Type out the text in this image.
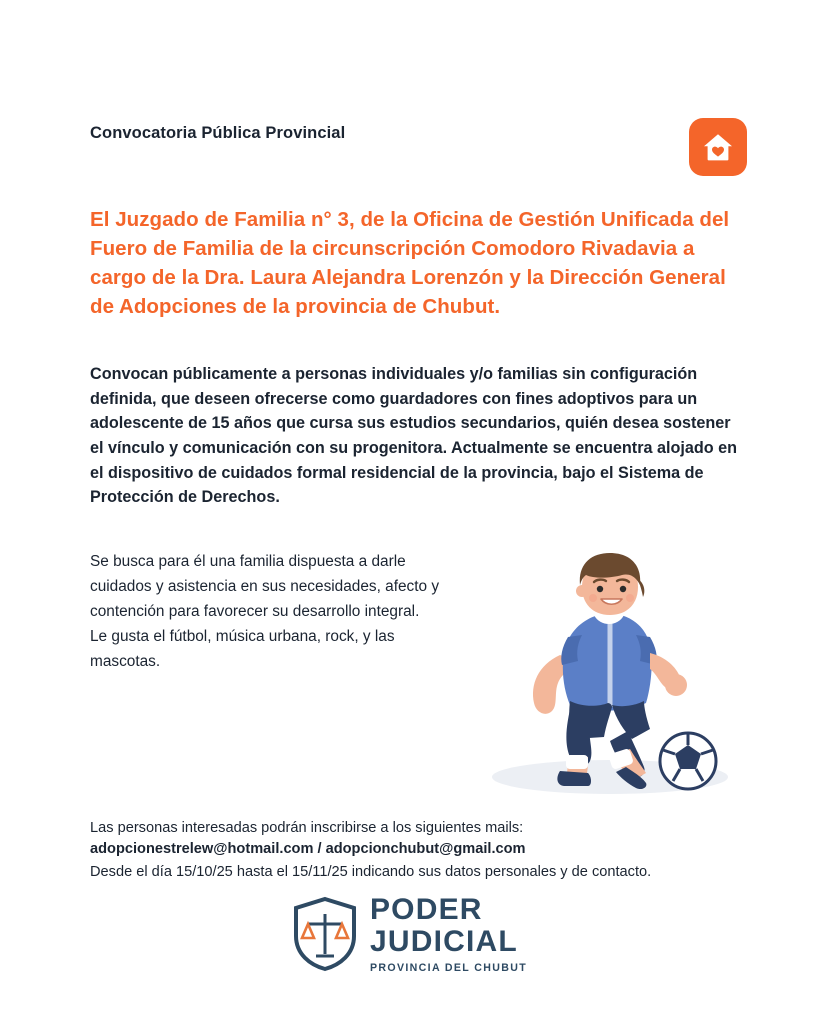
Convocatoria Pública Provincial
El Juzgado de Familia n° 3, de la Oficina de Gestión Unificada del Fuero de Familia de la circunscripción Comodoro Rivadavia a cargo de la Dra. Laura Alejandra Lorenzón y la Dirección General de Adopciones de la provincia de Chubut.
Convocan públicamente a personas individuales y/o familias sin configuración definida, que deseen ofrecerse como guardadores con fines adoptivos para un adolescente de 15 años que cursa sus estudios secundarios, quién desea sostener el vínculo y comunicación con su progenitora. Actualmente se encuentra alojado en el dispositivo de cuidados formal residencial de la provincia, bajo el Sistema de Protección de Derechos.

Se busca para él una familia dispuesta a darle cuidados y asistencia en sus necesidades, afecto y contención para favorecer su desarrollo integral.

Le gusta el fútbol, música urbana, rock, y las mascotas.

Las personas interesadas podrán inscribirse a los siguientes mails:
adopcionestrelew@hotmail.com / adopcionchubut@gmail.com
Desde el día 15/10/25 hasta el 15/11/25 indicando sus datos personales y de contacto.
PODER
JUDICIAL
PROVINCIA DEL CHUBUT
